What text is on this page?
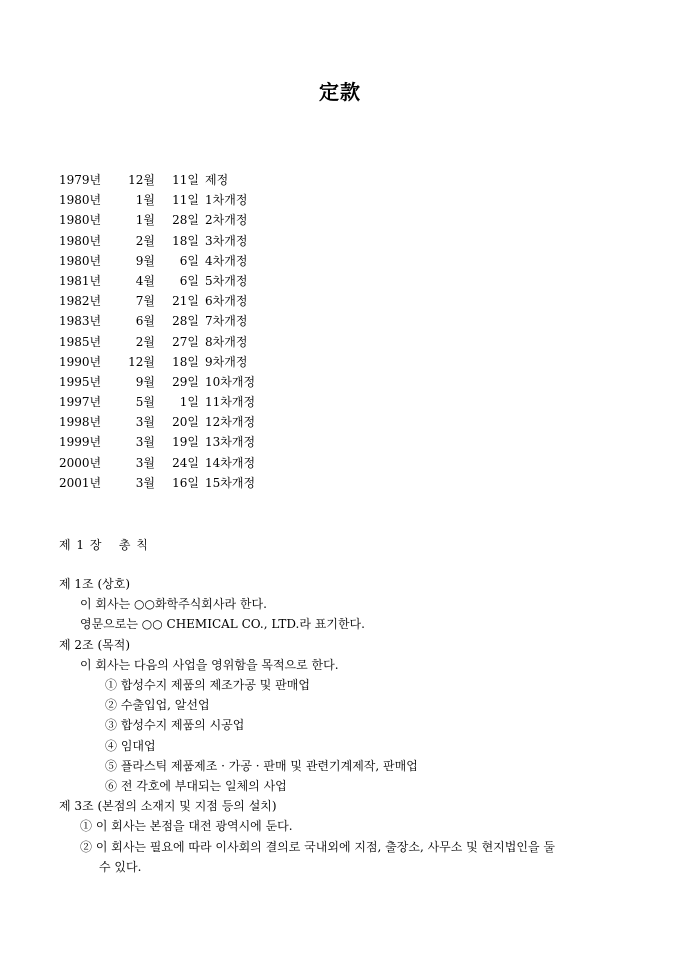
定款
1979년 12월 11일 제정
1980년	1월 11일 1차개정
1980년	1월 28일 2차개정
1980년	2월 18일 3차개정
1980년	9월 6일 4차개정
1981년	4월 6일 5차개정
1982년	7월 21일 6차개정
1983년	6월 28일 7차개정
1985년	2월 27일 8차개정
1990년 12월 18일 9차개정
1995년	9월 29일 10차개정
1997년	5월 1일 11차개정
1998년	3월 20일 12차개정
1999년	3월 19일 13차개정
2000년	3월 24일 14차개정
2001년	3월 16일 15차개정
제 1 장   총 칙
제 1조 (상호)
이 회사는 ○○화학주식회사라 한다.
영문으로는 ○○ CHEMICAL CO., LTD.라 표기한다.
제 2조 (목적)
이 회사는 다음의 사업을 영위함을 목적으로 한다.
① 합성수지 제품의 제조가공 및 판매업
② 수출입업, 알선업
③ 합성수지 제품의 시공업
④ 임대업
⑤ 플라스틱 제품제조 · 가공 · 판매 및 관련기계제작, 판매업
⑥ 전 각호에 부대되는 일체의 사업
제 3조 (본점의 소재지 및 지점 등의 설치)
① 이 회사는 본점을 대전 광역시에 둔다.
② 이 회사는 필요에 따라 이사회의 결의로 국내외에 지점, 출장소, 사무소 및 현지법인을 둘
수 있다.
